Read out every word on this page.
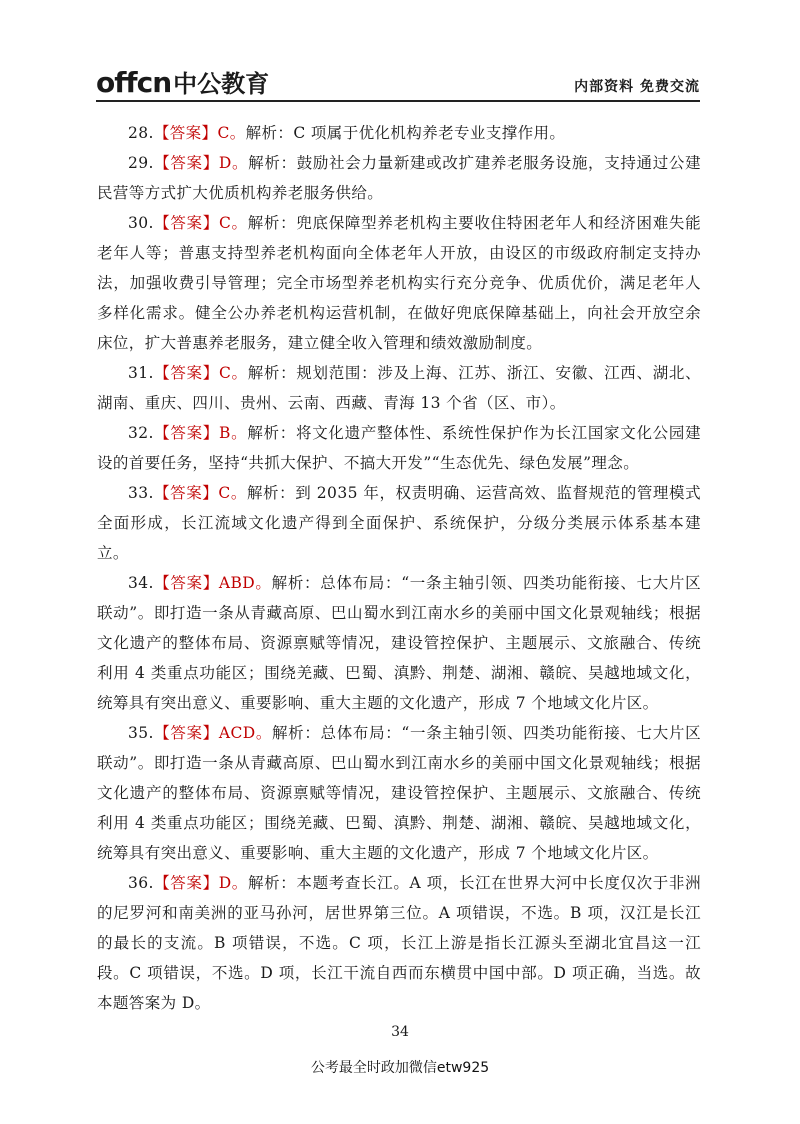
offcn 中公教育	内部资料 免费交流

28.【答案】C。解析：C 项属于优化机构养老专业支撑作用。

29.【答案】D。解析：鼓励社会力量新建或改扩建养老服务设施，支持通过公建民营等方式扩大优质机构养老服务供给。

30.【答案】C。解析：兜底保障型养老机构主要收住特困老年人和经济困难失能老年人等；普惠支持型养老机构面向全体老年人开放，由设区的市级政府制定支持办法，加强收费引导管理；完全市场型养老机构实行充分竞争、优质优价，满足老年人多样化需求。健全公办养老机构运营机制，在做好兜底保障基础上，向社会开放空余床位，扩大普惠养老服务，建立健全收入管理和绩效激励制度。

31.【答案】C。解析：规划范围：涉及上海、江苏、浙江、安徽、江西、湖北、湖南、重庆、四川、贵州、云南、西藏、青海 13 个省（区、市）。

32.【答案】B。解析：将文化遗产整体性、系统性保护作为长江国家文化公园建设的首要任务，坚持“共抓大保护、不搞大开发”“生态优先、绿色发展”理念。

33.【答案】C。解析：到 2035 年，权责明确、运营高效、监督规范的管理模式全面形成，长江流域文化遗产得到全面保护、系统保护，分级分类展示体系基本建立。

34.【答案】ABD。解析：总体布局：“一条主轴引领、四类功能衔接、七大片区联动”。即打造一条从青藏高原、巴山蜀水到江南水乡的美丽中国文化景观轴线；根据文化遗产的整体布局、资源禀赋等情况，建设管控保护、主题展示、文旅融合、传统利用 4 类重点功能区；围绕羌藏、巴蜀、滇黔、荆楚、湖湘、赣皖、吴越地域文化，统筹具有突出意义、重要影响、重大主题的文化遗产，形成 7 个地域文化片区。

35.【答案】ACD。解析：总体布局：“一条主轴引领、四类功能衔接、七大片区联动”。即打造一条从青藏高原、巴山蜀水到江南水乡的美丽中国文化景观轴线；根据文化遗产的整体布局、资源禀赋等情况，建设管控保护、主题展示、文旅融合、传统利用 4 类重点功能区；围绕羌藏、巴蜀、滇黔、荆楚、湖湘、赣皖、吴越地域文化，统筹具有突出意义、重要影响、重大主题的文化遗产，形成 7 个地域文化片区。

36.【答案】D。解析：本题考查长江。A 项，长江在世界大河中长度仅次于非洲的尼罗河和南美洲的亚马孙河，居世界第三位。A 项错误，不选。B 项，汉江是长江的最长的支流。B 项错误，不选。C 项，长江上游是指长江源头至湖北宜昌这一江段。C 项错误，不选。D 项，长江干流自西而东横贯中国中部。D 项正确，当选。故本题答案为 D。

34
公考最全时政加微信etw925
